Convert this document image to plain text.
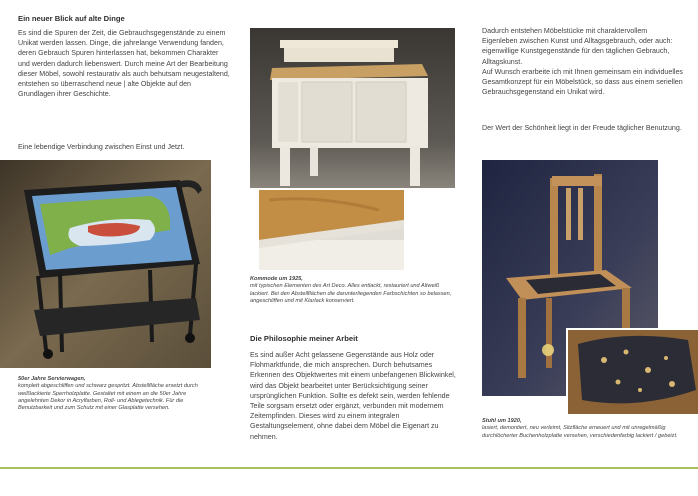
Ein neuer Blick auf alte Dinge

Es sind die Spuren der Zeit, die Gebrauchsgegenstände zu einem Unikat werden lassen. Dinge, die jahrelange Verwendung fanden, deren Gebrauch Spuren hinterlassen hat, bekommen Charakter und werden dadurch liebenswert. Durch meine Art der Bearbeitung dieser Möbel, sowohl restaurativ als auch behutsam neugestaltend, entstehen so überraschend neue | alte Objekte auf den Grundlagen ihrer Geschichte.

Eine lebendige Verbindung zwischen Einst und Jetzt.

50er Jahre Servierwagen,
komplett abgeschliffen und schwarz gespritzt. Abstellfläche ersetzt durch weißlackierte Sperrholzplatte. Gestaltet mit einem an die 50er Jahre angelehnten Dekor in Acrylfarben, Roll- und Ablegetechnik. Für die Benutzbarkeit und zum Schutz mit einer Glasplatte versehen.

Kommode um 1925,
mit typischen Elementen des Art Deco. Alles entlackt, restauriert und Altweiß lackiert. Bei den Abstellflächen die darunterliegenden Farbschichten so belassen, angeschliffen und mit Klarlack konserviert.

Die Philosophie meiner Arbeit

Es sind außer Acht gelassene Gegenstände aus Holz oder Flohmarktfunde, die mich ansprechen. Durch behutsames Erkennen des Objektwertes mit einem unbefangenen Blickwinkel, wird das Objekt bearbeitet unter Berücksichtigung seiner ursprünglichen Funktion. Sollte es defekt sein, werden fehlende Teile sorgsam ersetzt oder ergänzt, verbunden mit modernem Zeitempfinden. Dieses wird zu einem integralen Gestaltungselement, ohne dabei dem Möbel die Eigenart zu nehmen.

Dadurch entstehen Möbelstücke mit charaktervollem Eigenleben zwischen Kunst und Alltagsgebrauch, oder auch: eigenwillige Kunstgegenstände für den täglichen Gebrauch, Alltagskunst.

Auf Wunsch erarbeite ich mit Ihnen gemeinsam ein individuelles Gesamtkonzept für ein Möbelstück, so dass aus einem seriellen Gebrauchsgegenstand ein Unikat wird.

Der Wert der Schönheit liegt in der Freude täglicher Benutzung.

Stuhl um 1920,
lasiert, demontiert, neu verleimt, Sitzfläche erneuert und mit unregelmäßig durchlöcherter Buchenholzplatte versehen, verschiedenfarbig lackiert / gebeizt.
